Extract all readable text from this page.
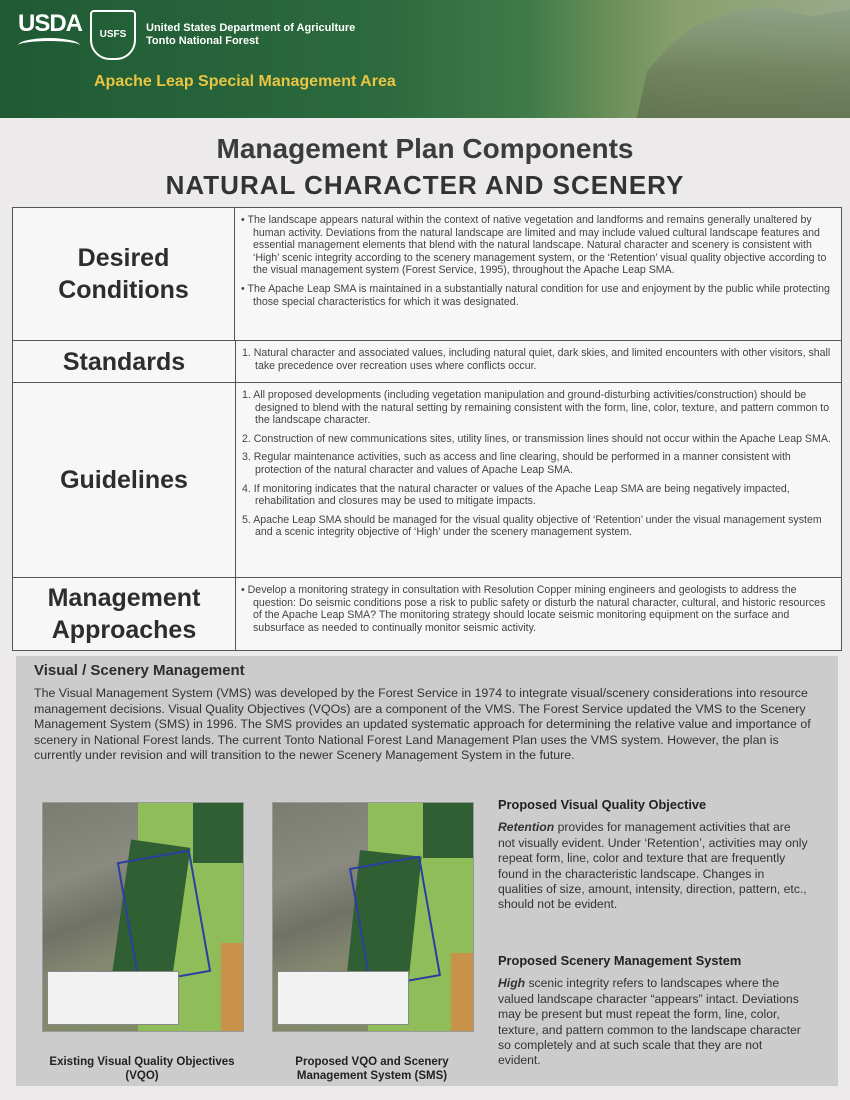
USDA	USFS
United States Department of Agriculture
Tonto National Forest
Apache Leap Special Management Area
Management Plan Components
NATURAL CHARACTER AND SCENERY
Desired Conditions

• The landscape appears natural within the context of native vegetation and landforms and remains generally unaltered by human activity. Deviations from the natural landscape are limited and may include valued cultural landscape features and essential management elements that blend with the natural landscape. Natural character and scenery is consistent with ‘High’ scenic integrity according to the scenery management system, or the ‘Retention’ visual quality objective according to the visual management system (Forest Service, 1995), throughout the Apache Leap SMA.

• The Apache Leap SMA is maintained in a substantially natural condition for use and enjoyment by the public while protecting those special characteristics for which it was designated.

Standards	1. Natural character and associated values, including natural quiet, dark skies, and limited encounters with other visitors, shall take precedence over recreation uses where conflicts occur.

Guidelines

1. All proposed developments (including vegetation manipulation and ground-disturbing activities/construction) should be designed to blend with the natural setting by remaining consistent with the form, line, color, texture, and pattern common to the landscape character.

2. Construction of new communications sites, utility lines, or transmission lines should not occur within the Apache Leap SMA.

3. Regular maintenance activities, such as access and line clearing, should be performed in a manner consistent with protection of the natural character and values of Apache Leap SMA.

4. If monitoring indicates that the natural character or values of the Apache Leap SMA are being negatively impacted, rehabilitation and closures may be used to mitigate impacts.

5. Apache Leap SMA should be managed for the visual quality objective of ‘Retention’ under the visual management system and a scenic integrity objective of ‘High’ under the scenery management system.

Management
Approaches

• Develop a monitoring strategy in consultation with Resolution Copper mining engineers and geologists to address the question: Do seismic conditions pose a risk to public safety or disturb the natural character, cultural, and historic resources of the Apache Leap SMA? The monitoring strategy should locate seismic monitoring equipment on the surface and subsurface as needed to continually monitor seismic activity.

Visual / Scenery Management
The Visual Management System (VMS) was developed by the Forest Service in 1974 to integrate visual/scenery considerations into resource management decisions. Visual Quality Objectives (VQOs) are a component of the VMS. The Forest Service updated the VMS to the Scenery Management System (SMS) in 1996. The SMS provides an updated systematic approach for determining the relative value and importance of scenery in National Forest lands. The current Tonto National Forest Land Management Plan uses the VMS system. However, the plan is currently under revision and will transition to the newer Scenery Management System in the future.
Existing Visual Quality Objectives (VQO)
Proposed VQO and Scenery Management System (SMS)
Proposed Visual Quality Objective
Retention provides for management activities that are not visually evident. Under ‘Retention’, activities may only repeat form, line, color and texture that are frequently found in the characteristic landscape. Changes in qualities of size, amount, intensity, direction, pattern, etc., should not be evident.
Proposed Scenery Management System
High scenic integrity refers to landscapes where the valued landscape character “appears” intact. Deviations may be present but must repeat the form, line, color, texture, and pattern common to the landscape character so completely and at such scale that they are not evident.
